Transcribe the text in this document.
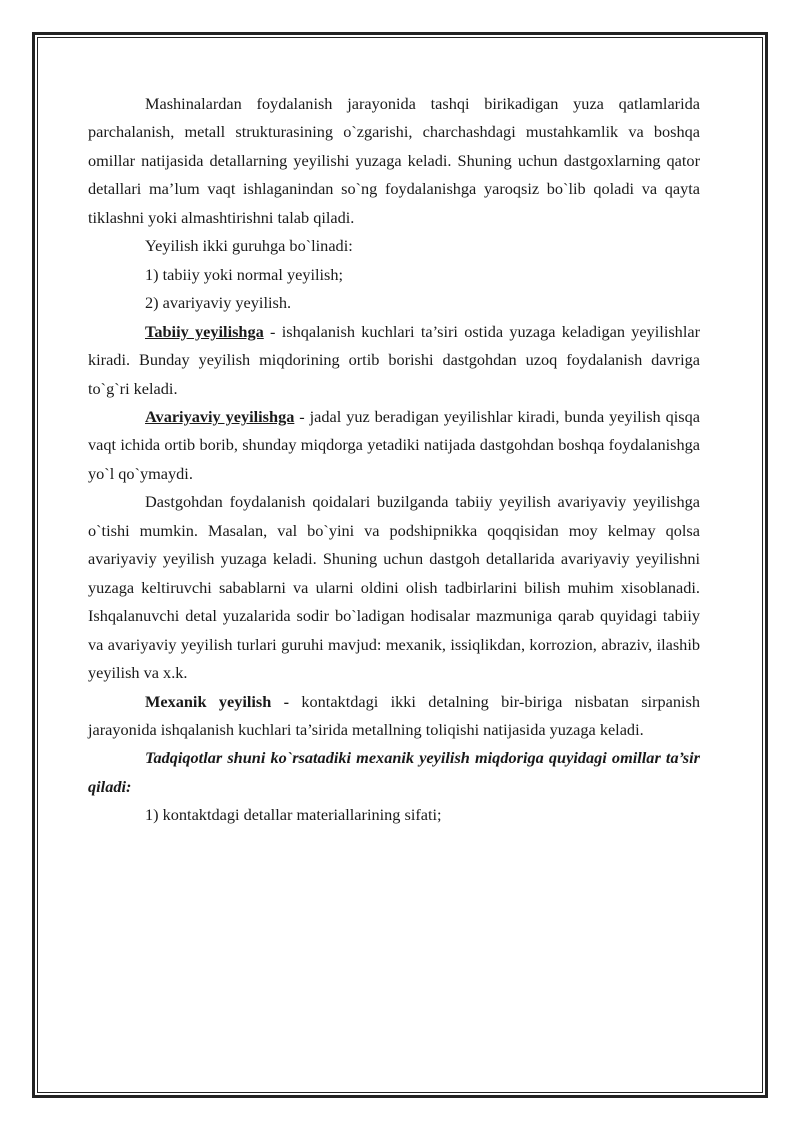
Mashinalardan foydalanish jarayonida tashqi birikadigan yuza qatlamlarida parchalanish, metall strukturasining o`zgarishi, charchashdagi mustahkamlik va boshqa omillar natijasida detallarning yeyilishi yuzaga keladi. Shuning uchun dastgoxlarning qator detallari ma’lum vaqt ishlaganindan so`ng foydalanishga yaroqsiz bo`lib qoladi va qayta tiklashni yoki almashtirishni talab qiladi.

Yeyilish ikki guruhga bo`linadi:

1) tabiiy yoki normal yeyilish;

2) avariyaviy yeyilish.

Tabiiy yeyilishga - ishqalanish kuchlari ta’siri ostida yuzaga keladigan yeyilishlar kiradi. Bunday yeyilish miqdorining ortib borishi dastgohdan uzoq foydalanish davriga to`g`ri keladi.

Avariyaviy yeyilishga - jadal yuz beradigan yeyilishlar kiradi, bunda yeyilish qisqa vaqt ichida ortib borib, shunday miqdorga yetadiki natijada dastgohdan boshqa foydalanishga yo`l qo`ymaydi.

Dastgohdan foydalanish qoidalari buzilganda tabiiy yeyilish avariyaviy yeyilishga o`tishi mumkin. Masalan, val bo`yini va podshipnikka qoqqisidan moy kelmay qolsa avariyaviy yeyilish yuzaga keladi. Shuning uchun dastgoh detallarida avariyaviy yeyilishni yuzaga keltiruvchi sabablarni va ularni oldini olish tadbirlarini bilish muhim xisoblanadi. Ishqalanuvchi detal yuzalarida sodir bo`ladigan hodisalar mazmuniga qarab quyidagi tabiiy va avariyaviy yeyilish turlari guruhi mavjud: mexanik, issiqlikdan, korrozion, abraziv, ilashib yeyilish va x.k.

Mexanik yeyilish - kontaktdagi ikki detalning bir-biriga nisbatan sirpanish jarayonida ishqalanish kuchlari ta’sirida metallning toliqishi natijasida yuzaga keladi.

Tadqiqotlar shuni ko`rsatadiki mexanik yeyilish miqdoriga quyidagi omillar ta’sir qiladi:

1) kontaktdagi detallar materiallarining sifati;
